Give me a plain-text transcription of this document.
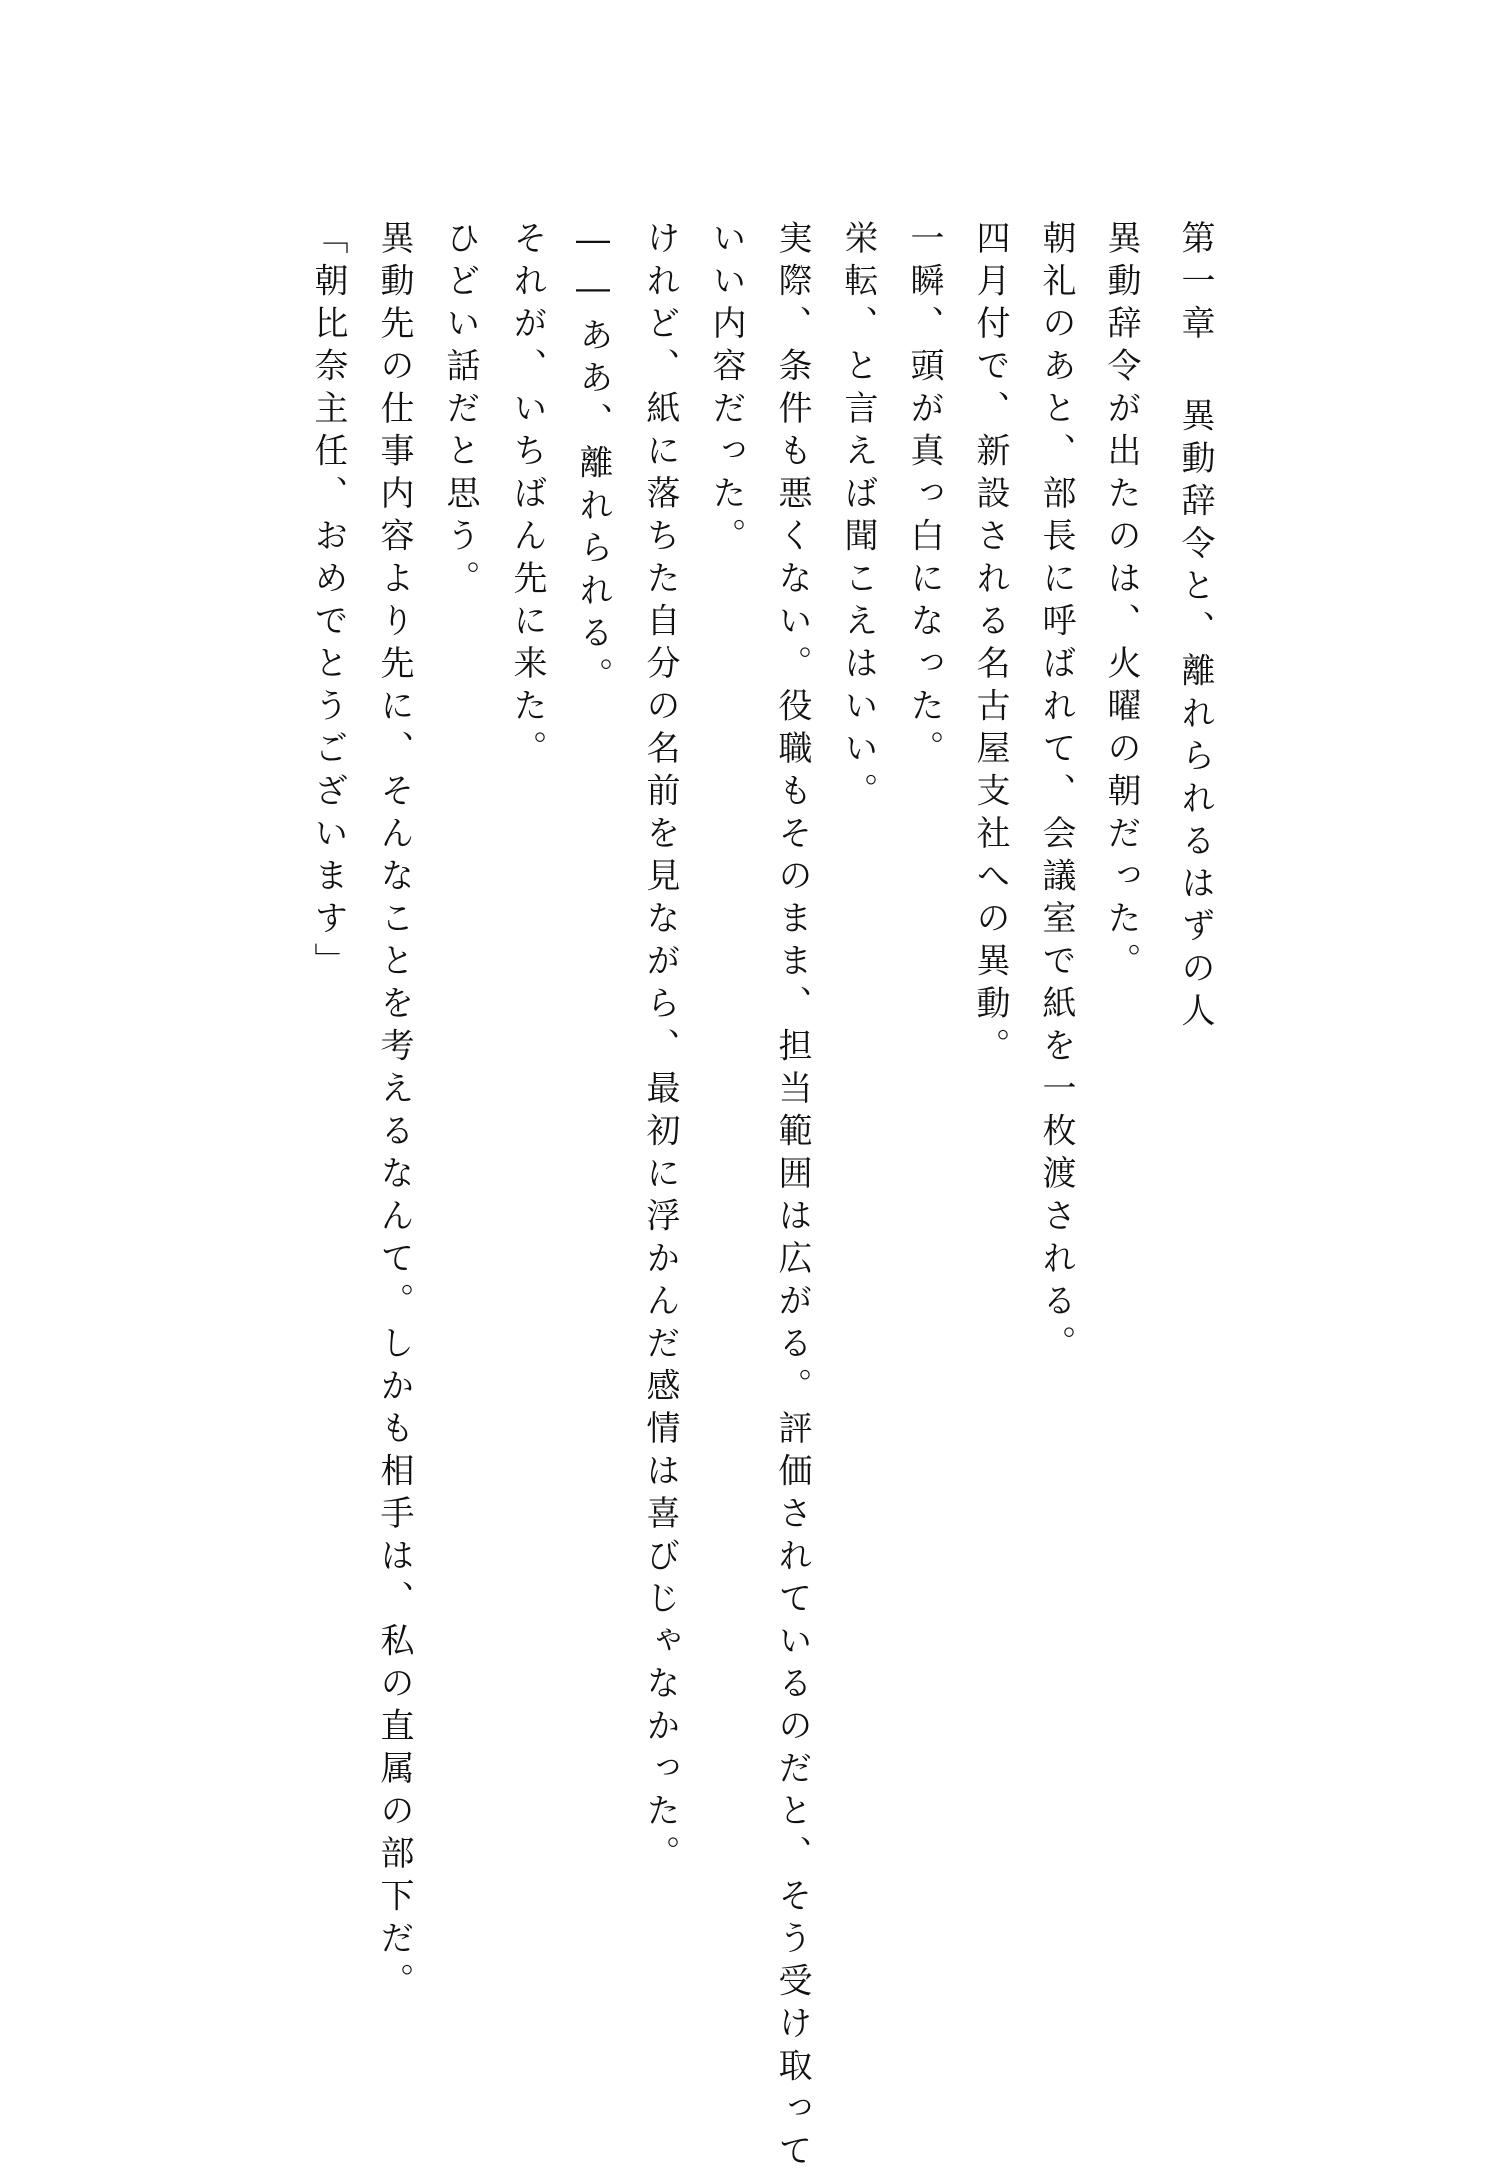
第一章異動辞令と、離れられるはずの人
異動辞令が出たのは、火曜の朝だった。
朝礼のあと、部長に呼ばれて、会議室で紙を一枚渡される。
四月付で、新設される名古屋支社への異動。
一瞬、頭が真っ白になった。
栄転、と言えば聞こえはいい。
実際、条件も悪くない。役職もそのまま、担当範囲は広がる。評価されているのだと、そう受け取って
いい内容だった。
けれど、紙に落ちた自分の名前を見ながら、最初に浮かんだ感情は喜びじゃなかった。
――ああ、離れられる。
それが、いちばん先に来た。
ひどい話だと思う。
異動先の仕事内容より先に、そんなことを考えるなんて。しかも相手は、私の直属の部下だ。
「朝比奈主任、おめでとうございます」
